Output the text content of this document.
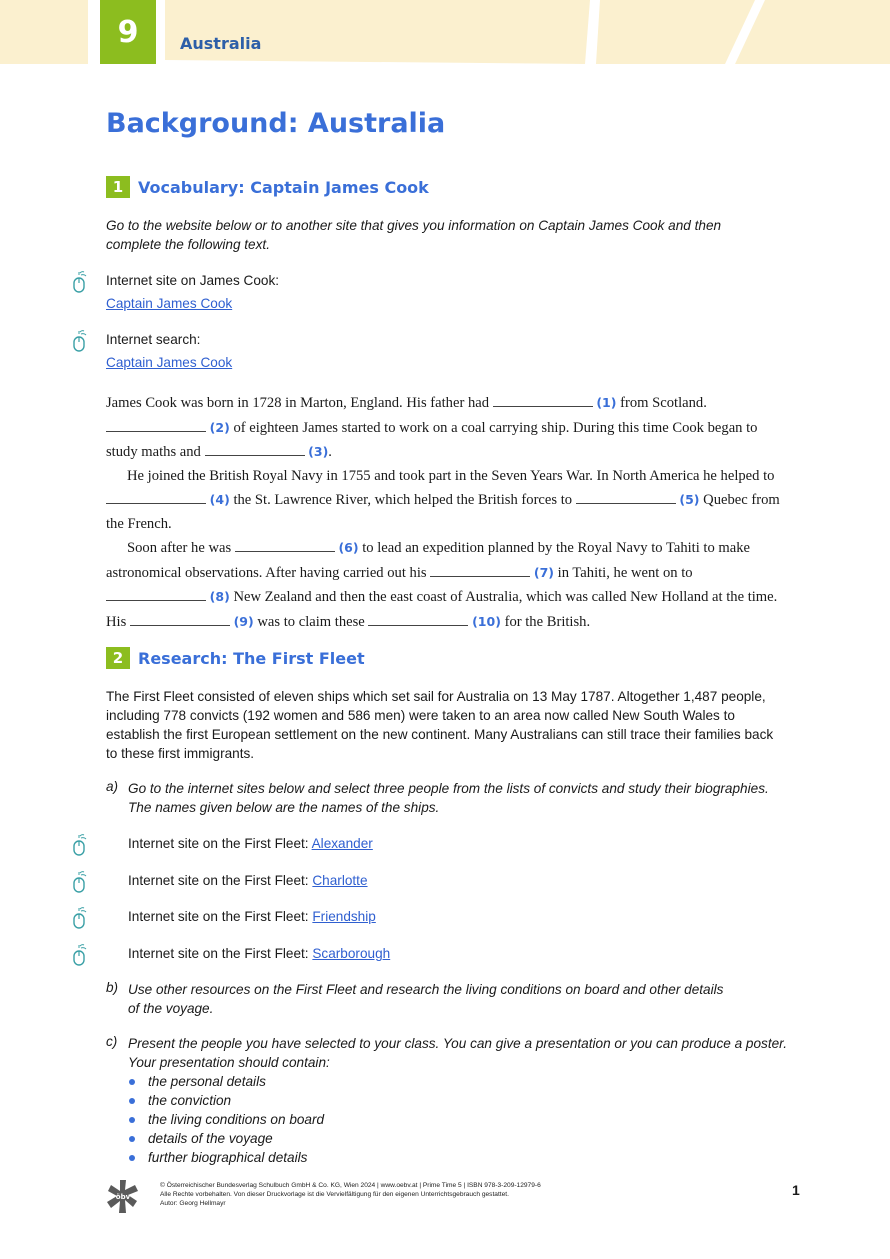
9	Australia
Background: Australia
1 Vocabulary: Captain James Cook
Go to the website below or to another site that gives you information on Captain James Cook and then complete the following text.
Internet site on James Cook:
Captain James Cook
Internet search:
Captain James Cook

James Cook was born in 1728 in Marton, England. His father had	(1) from Scotland.  (2) of eighteen James started to work on a coal carrying ship. During this time Cook began to study maths and	(3).

He joined the British Royal Navy in 1755 and took part in the Seven Years War. In North America he helped to  (4) the St. Lawrence River, which helped the British forces to	(5) Quebec from the French.

Soon after he was	(6) to lead an expedition planned by the Royal Navy to Tahiti to make astronomical observations. After having carried out his	(7) in Tahiti, he went on to  (8) New Zealand and then the east coast of Australia, which was called New Holland at the time. His	(9) was to claim these	(10) for the British.

2 Research: The First Fleet
The First Fleet consisted of eleven ships which set sail for Australia on 13 May 1787. Altogether 1,487 people, including 778 convicts (192 women and 586 men) were taken to an area now called New South Wales to establish the first European settlement on the new continent. Many Australians can still trace their families back to these first immigrants.
a) Go to the internet sites below and select three people from the lists of convicts and study their biographies. The names given below are the names of the ships.
Internet site on the First Fleet: Alexander
Internet site on the First Fleet: Charlotte
Internet site on the First Fleet: Friendship
Internet site on the First Fleet: Scarborough
b) Use other resources on the First Fleet and research the living conditions on board and other details
of the voyage.
c) Present the people you have selected to your class. You can give a presentation or you can produce a poster.
Your presentation should contain:
the personal details
the conviction
the living conditions on board
details of the voyage
further biographical details
öbv
© Österreichischer Bundesverlag Schulbuch GmbH & Co. KG, Wien 2024 | www.oebv.at | Prime Time 5 | ISBN 978-3-209-12979-6
Alle Rechte vorbehalten. Von dieser Druckvorlage ist die Vervielfältigung für den eigenen Unterrichtsgebrauch gestattet.
Autor: Georg Hellmayr
1
